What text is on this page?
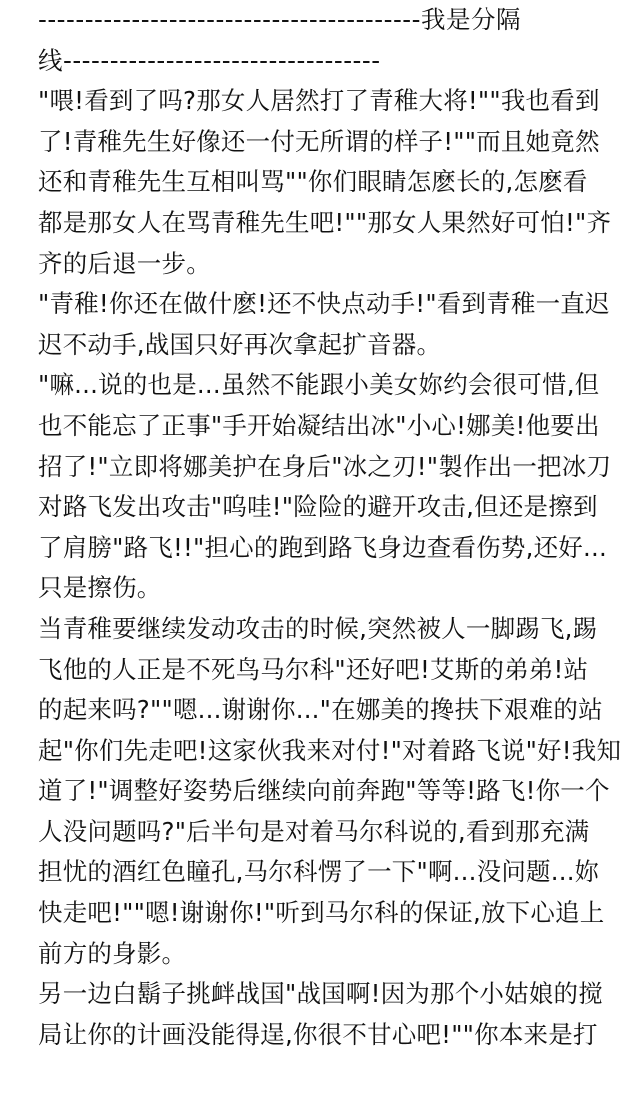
-----------------------------------------我是分隔

线----------------------------------

"喂!看到了吗?那女人居然打了青稚大将!""我也看到

了!青稚先生好像还一付无所谓的样子!""而且她竟然

还和青稚先生互相叫骂""你们眼睛怎麽长的,怎麽看

都是那女人在骂青稚先生吧!""那女人果然好可怕!"齐

齐的后退一步。

"青稚!你还在做什麽!还不快点动手!"看到青稚一直迟

迟不动手,战国只好再次拿起扩音器。

"嘛...说的也是...虽然不能跟小美女妳约会很可惜,但

也不能忘了正事"手开始凝结出冰"小心!娜美!他要出

招了!"立即将娜美护在身后"冰之刃!"製作出一把冰刀

对路飞发出攻击"呜哇!"险险的避开攻击,但还是擦到

了肩膀"路飞!!"担心的跑到路飞身边查看伤势,还好...

只是擦伤。

当青稚要继续发动攻击的时候,突然被人一脚踢飞,踢

飞他的人正是不死鸟马尔科"还好吧!艾斯的弟弟!站

的起来吗?""嗯...谢谢你..."在娜美的搀扶下艰难的站

起"你们先走吧!这家伙我来对付!"对着路飞说"好!我知

道了!"调整好姿势后继续向前奔跑"等等!路飞!你一个

人没问题吗?"后半句是对着马尔科说的,看到那充满

担忧的酒红色瞳孔,马尔科愣了一下"啊...没问题...妳

快走吧!""嗯!谢谢你!"听到马尔科的保证,放下心追上

前方的身影。

另一边白鬍子挑衅战国"战国啊!因为那个小姑娘的搅

局让你的计画没能得逞,你很不甘心吧!""你本来是打
